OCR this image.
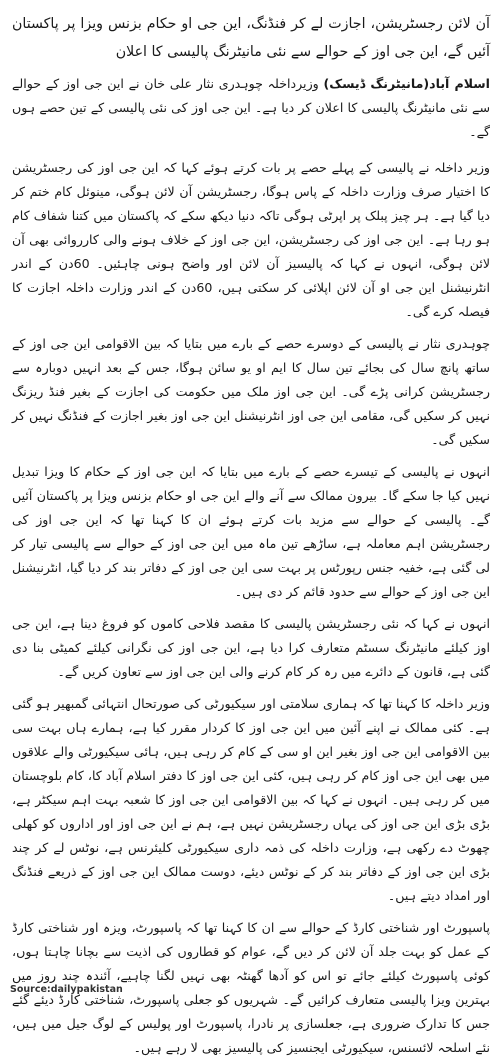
آن لائن رجسٹریشن، اجازت لے کر فنڈنگ، این جی او حکام بزنس ویزا پر پاکستان آئیں گے، این جی اوز کے حوالے سے نئی مانیٹرنگ پالیسی کا اعلان

اسلام آباد(مانیٹرنگ ڈیسک) وزیرداخلہ چوہدری نثار علی خان نے این جی اوز کے حوالے سے نئی مانیٹرنگ پالیسی کا اعلان کر دیا ہے۔ این جی اوز کی نئی پالیسی کے تین حصے ہوں گے۔

وزیر داخلہ نے پالیسی کے پہلے حصے پر بات کرتے ہوئے کہا کہ این جی اوز کی رجسٹریشن کا اختیار صرف وزارت داخلہ کے پاس ہوگا، رجسٹریشن آن لائن ہوگی، مینوئل کام ختم کر دیا گیا ہے۔ ہر چیز پبلک پر اپرٹی ہوگی تاکہ دنیا دیکھ سکے کہ پاکستان میں کتنا شفاف کام ہو رہا ہے۔ این جی اوز کی رجسٹریشن، این جی اوز کے خلاف ہونے والی کارروائی بھی آن لائن ہوگی، انہوں نے کہا کہ پالیسیز آن لائن اور واضح ہونی چاہئیں۔ 60دن کے اندر انٹرنیشنل این جی او آن لائن اپلائی کر سکتی ہیں، 60دن کے اندر وزارت داخلہ اجازت کا فیصلہ کرے گی۔

چوہدری نثار نے پالیسی کے دوسرے حصے کے بارے میں بتایا کہ بین الاقوامی این جی اوز کے ساتھ پانچ سال کی بجائے تین سال کا ایم او یو سائن ہوگا، جس کے بعد انہیں دوبارہ سے رجسٹریشن کرانی پڑے گی۔ این جی اوز ملک میں حکومت کی اجازت کے بغیر فنڈ ریزنگ نہیں کر سکیں گی، مقامی این جی اوز انٹرنیشنل این جی اوز بغیر اجازت کے فنڈنگ نہیں کر سکیں گی۔

انہوں نے پالیسی کے تیسرے حصے کے بارے میں بتایا کہ این جی اوز کے حکام کا ویزا تبدیل نہیں کیا جا سکے گا۔ بیرون ممالک سے آنے والے این جی او حکام بزنس ویزا پر پاکستان آئیں گے۔ پالیسی کے حوالے سے مزید بات کرتے ہوئے ان کا کہنا تھا کہ این جی اوز کی رجسٹریشن اہم معاملہ ہے، ساڑھے تین ماہ میں این جی اوز کے حوالے سے پالیسی تیار کر لی گئی ہے، خفیہ جنس رپورٹس پر بہت سی این جی اوز کے دفاتر بند کر دیا گیا، انٹرنیشنل این جی اوز کے حوالے سے حدود قائم کر دی ہیں۔

انہوں نے کہا کہ نئی رجسٹریشن پالیسی کا مقصد فلاحی کاموں کو فروغ دینا ہے، این جی اوز کیلئے مانیٹرنگ سسٹم متعارف کرا دیا ہے، این جی اوز کی نگرانی کیلئے کمیٹی بنا دی گئی ہے، قانون کے دائرے میں رہ کر کام کرنے والی این جی اوز سے تعاون کریں گے۔

وزیر داخلہ کا کہنا تھا کہ ہماری سلامتی اور سیکیورٹی کی صورتحال انتہائی گمبھیر ہو گئی ہے۔ کئی ممالک نے اپنے آئین میں این جی اوز کا کردار مقرر کیا ہے، ہمارے ہاں بہت سی بین الاقوامی این جی اوز بغیر این او سی کے کام کر رہی ہیں، ہائی سیکیورٹی والے علاقوں میں بھی این جی اوز کام کر رہی ہیں، کئی این جی اوز کا دفتر اسلام آباد کا، کام بلوچستان میں کر رہی ہیں۔ انہوں نے کہا کہ بین الاقوامی این جی اوز کا شعبہ بہت اہم سیکٹر ہے، بڑی بڑی این جی اوز کی یہاں رجسٹریشن نہیں ہے، ہم نے این جی اوز اور اداروں کو کھلی چھوٹ دے رکھی ہے، وزارت داخلہ کی ذمہ داری سیکیورٹی کلیئرنس ہے، نوٹس لے کر چند بڑی این جی اوز کے دفاتر بند کر کے نوٹس دیئے، دوست ممالک این جی اوز کے ذریعے فنڈنگ اور امداد دیتے ہیں۔

پاسپورٹ اور شناختی کارڈ کے حوالے سے ان کا کہنا تھا کہ پاسپورٹ، ویزہ اور شناختی کارڈ کے عمل کو بہت جلد آن لائن کر دیں گے، عوام کو قطاروں کی اذیت سے بچانا چاہتا ہوں، کوئی پاسپورٹ کیلئے جائے تو اس کو آدھا گھنٹہ بھی نہیں لگنا چاہیے، آئندہ چند روز میں بہترین ویزا پالیسی متعارف کرائیں گے۔ شہریوں کو جعلی پاسپورٹ، شناختی کارڈ دیئے گئے جس کا تدارک ضروری ہے، جعلسازی پر نادرا، پاسپورٹ اور پولیس کے لوگ جیل میں ہیں، نئے اسلحہ لائسنس، سیکیورٹی ایجنسیز کی پالیسیز بھی لا رہے ہیں۔

Source:dailypakistan
